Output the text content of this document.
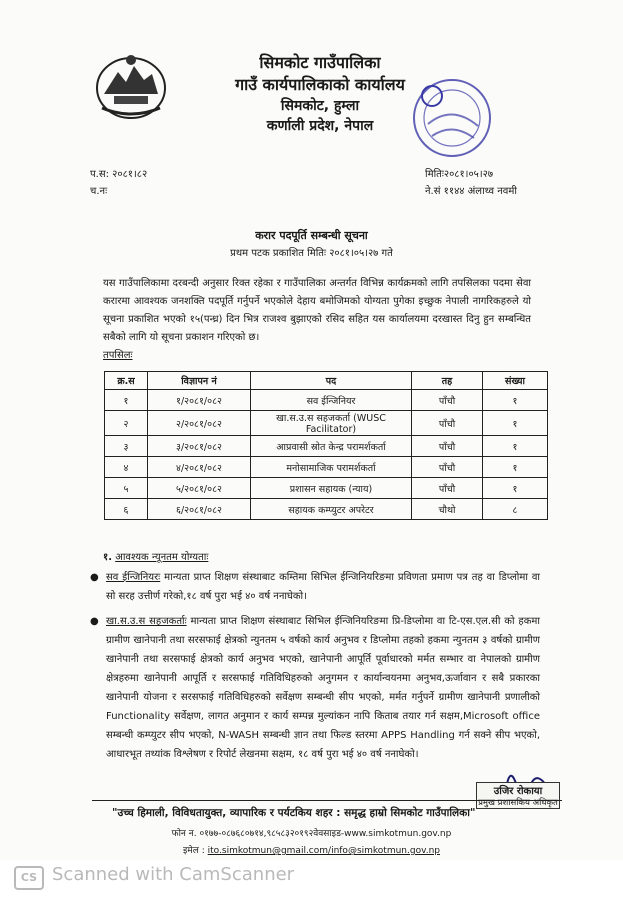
सिमकोट गाउँपालिका
गाउँ कार्यपालिकाको कार्यालय
सिमकोट, हुम्ला
कर्णाली प्रदेश, नेपाल
प.स: २०८१।८२
च.नः
मितिः२०८१।०५।२७
ने.सं ११४४ अंलाथ्व नवमी
करार पदपूर्ति सम्बन्धी सूचना
प्रथम पटक प्रकाशित मितिः २०८१।०५।२७ गते
यस गाउँपालिकामा दरबन्दी अनुसार रिक्त रहेका र गाउँपालिका अन्तर्गत विभिन्न कार्यक्रमको लागि तपसिलका पदमा सेवा करारमा आवश्यक जनशक्ति पदपूर्ति गर्नुपर्ने भएकोले देहाय बमोजिमको योग्यता पुगेका इच्छुक नेपाली नागरिकहरुले यो सूचना प्रकाशित भएको १५(पन्ध्र) दिन भित्र राजश्व बुझाएको रसिद सहित यस कार्यालयमा दरखास्त दिनु हुन सम्बन्धित सबैको लागि यो सूचना प्रकाशन गरिएको छ।
तपसिलः
क्र.स	विज्ञापन नं	पद	तह	संख्या
१	१/२०८१/०८२	सव ईन्जिनियर	पाँचौ	१
२	२/२०८१/०८२	खा.स.उ.स सहजकर्ता (WUSC Facilitator)	पाँचौ	१
३	३/२०८१/०८२	आप्रवासी स्रोत केन्द्र परामर्शकर्ता	पाँचौ	१
४	४/२०८१/०८२	मनोसामाजिक परामर्शकर्ता	पाँचौ	१
५	५/२०८१/०८२	प्रशासन सहायक (न्याय)	पाँचौ	१
६	६/२०८१/०८२	सहायक कम्प्युटर अपरेटर	चौथो	८
१. आवश्यक न्यूनतम योग्यताः
● सव ईन्जिनियरः मान्यता प्राप्त शिक्षण संस्थाबाट कम्तिमा सिभिल ईन्जिनियरिङमा प्रविणता प्रमाण पत्र तह वा डिप्लोमा वा सो सरह उत्तीर्ण गरेको,१८ वर्ष पुरा भई ४० वर्ष ननाघेको।
● खा.स.उ.स सहजकर्ताः मान्यता प्राप्त शिक्षण संस्थाबाट सिभिल ईन्जिनियरिङमा प्रि-डिप्लोमा वा टि-एस.एल.सी को हकमा ग्रामीण खानेपानी तथा सरसफाई क्षेत्रको न्युनतम ५ वर्षको कार्य अनुभव र डिप्लोमा तहको हकमा न्युनतम ३ वर्षको ग्रामीण खानेपानी तथा सरसफाई क्षेत्रको कार्य अनुभव भएको, खानेपानी आपूर्ति पूर्वाधारको मर्मत सम्भार वा नेपालको ग्रामीण क्षेत्रहरुमा खानेपानी आपूर्ति र सरसफाई गतिविधिहरुको अनुगमन र कार्यान्वयनमा अनुभव,ऊर्जावान र सबै प्रकारका खानेपानी योजना र सरसफाई गतिविधिहरुको सर्वेक्षण सम्बन्धी सीप भएको, मर्मत गर्नुपर्ने ग्रामीण खानेपानी प्रणालीको Functionality सर्वेक्षण, लागत अनुमान र कार्य सम्पन्न मुल्यांकन नापि किताब तयार गर्न सक्षम,Microsoft office सम्बन्धी कम्प्युटर सीप भएको, N-WASH सम्बन्धी ज्ञान तथा फिल्ड स्तरमा APPS Handling गर्न सक्ने सीप भएको, आधारभूत तथ्यांक विश्लेषण र रिपोर्ट लेखनमा सक्षम, १८ वर्ष पुरा भई ४० वर्ष ननाघेको।
उजिर रोकाया
प्रमुख प्रशासकिय अधिकृत
"उच्च हिमाली, विविधतायुक्त, व्यापारिक र पर्यटकिय शहर : समृद्ध हाम्रो सिमकोट गाउँपालिका"
फोन न. ०१७७-०८७६८०७१४,९८५८३२०१९२वेवसाइड-www.simkotmun.gov.np
इमेल : ito.simkotmun@gmail.com/info@simkotmun.gov.np
CS Scanned with CamScanner
